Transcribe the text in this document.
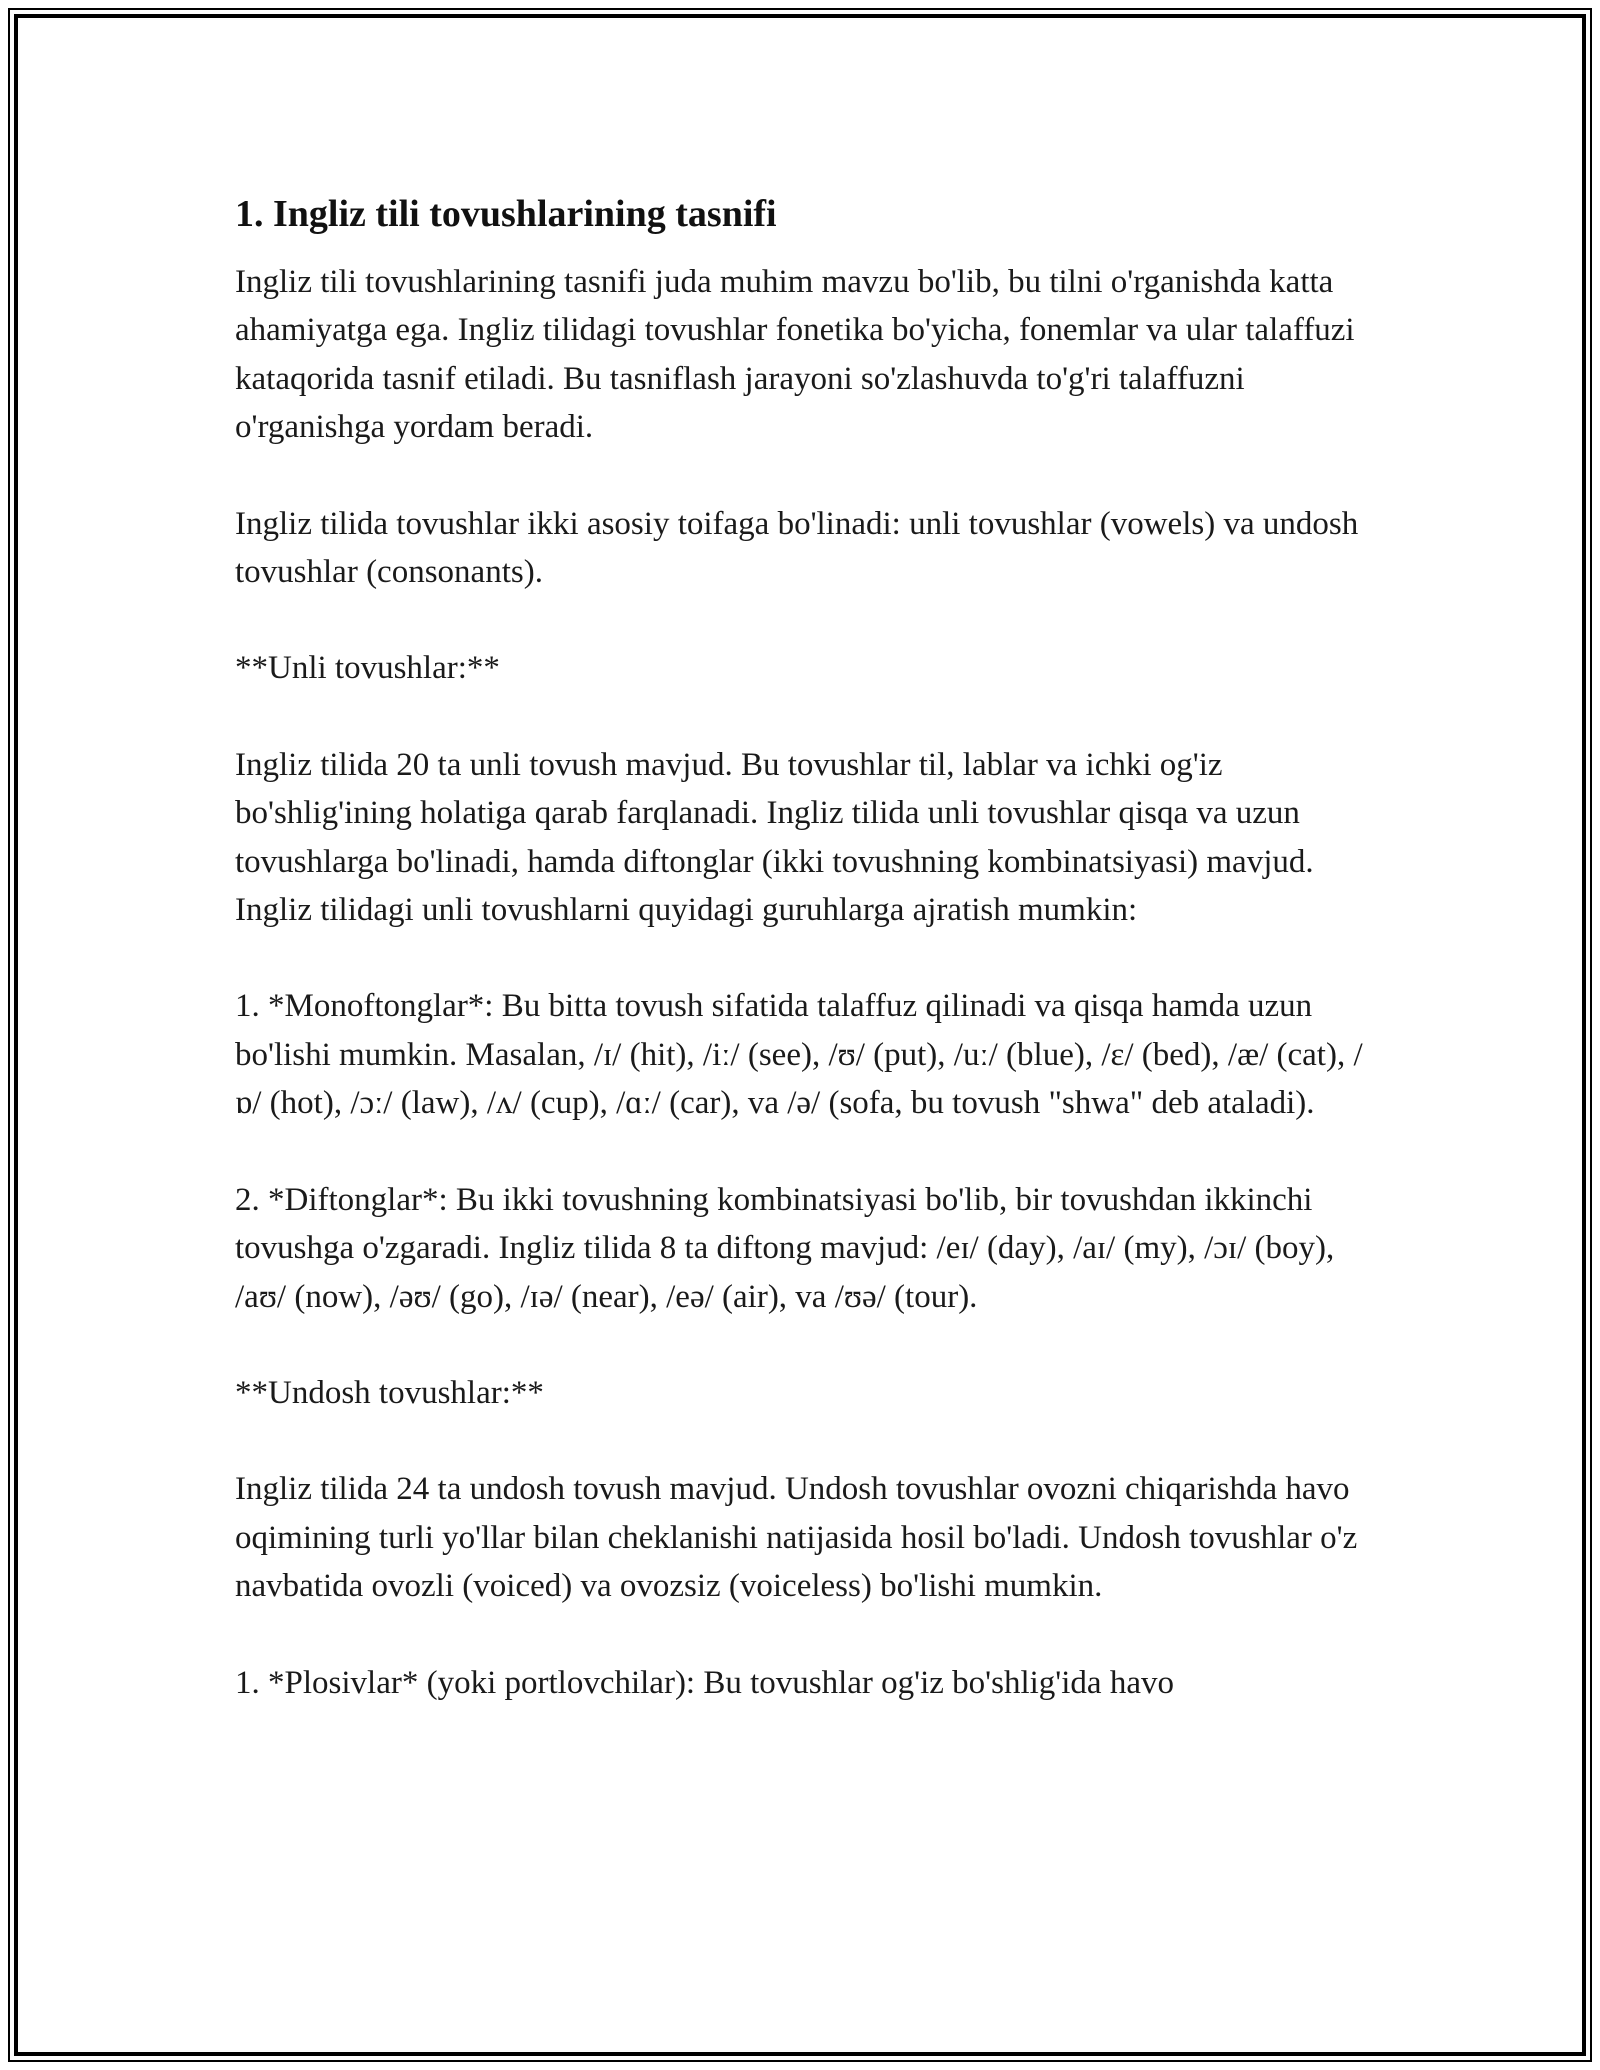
1. Ingliz tili tovushlarining tasnifi

Ingliz tili tovushlarining tasnifi juda muhim mavzu bo'lib, bu tilni o'rganishda katta ahamiyatga ega. Ingliz tilidagi tovushlar fonetika bo'yicha, fonemlar va ular talaffuzi kataqorida tasnif etiladi. Bu tasniflash jarayoni so'zlashuvda to'g'ri talaffuzni o'rganishga yordam beradi.

Ingliz tilida tovushlar ikki asosiy toifaga bo'linadi: unli tovushlar (vowels) va undosh tovushlar (consonants).

**Unli tovushlar:**

Ingliz tilida 20 ta unli tovush mavjud. Bu tovushlar til, lablar va ichki og'iz bo'shlig'ining holatiga qarab farqlanadi. Ingliz tilida unli tovushlar qisqa va uzun tovushlarga bo'linadi, hamda diftonglar (ikki tovushning kombinatsiyasi) mavjud. Ingliz tilidagi unli tovushlarni quyidagi guruhlarga ajratish mumkin:

1. *Monoftonglar*: Bu bitta tovush sifatida talaffuz qilinadi va qisqa hamda uzun bo'lishi mumkin. Masalan, /ɪ/ (hit), /iː/ (see), /ʊ/ (put), /uː/ (blue), /ɛ/ (bed), /æ/ (cat), /ɒ/ (hot), /ɔː/ (law), /ʌ/ (cup), /ɑː/ (car), va /ə/ (sofa, bu tovush "shwa" deb ataladi).

2. *Diftonglar*: Bu ikki tovushning kombinatsiyasi bo'lib, bir tovushdan ikkinchi tovushga o'zgaradi. Ingliz tilida 8 ta diftong mavjud: /eɪ/ (day), /aɪ/ (my), /ɔɪ/ (boy), /aʊ/ (now), /əʊ/ (go), /ɪə/ (near), /eə/ (air), va /ʊə/ (tour).

**Undosh tovushlar:**

Ingliz tilida 24 ta undosh tovush mavjud. Undosh tovushlar ovozni chiqarishda havo oqimining turli yo'llar bilan cheklanishi natijasida hosil bo'ladi. Undosh tovushlar o'z navbatida ovozli (voiced) va ovozsiz (voiceless) bo'lishi mumkin.

1. *Plosivlar* (yoki portlovchilar): Bu tovushlar og'iz bo'shlig'ida havo
